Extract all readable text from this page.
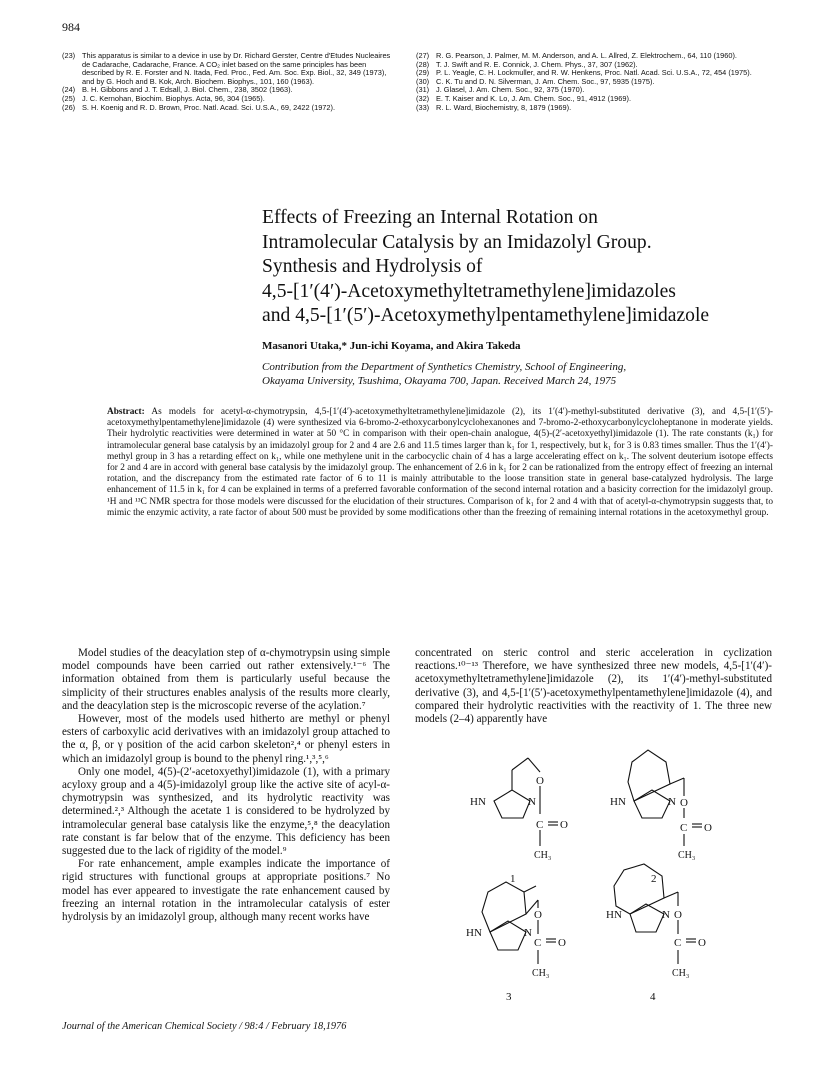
984
(23) This apparatus is similar to a device in use by Dr. Richard Gerster, Centre d'Etudes Nucleaires de Cadarache, Cadarache, France. A CO₂ inlet based on the same principles has been described by R. E. Forster and N. Itada, Fed. Proc., Fed. Am. Soc. Exp. Biol., 32, 349 (1973), and by G. Hoch and B. Kok, Arch. Biochem. Biophys., 101, 160 (1963).
(24) B. H. Gibbons and J. T. Edsall, J. Biol. Chem., 238, 3502 (1963).
(25) J. C. Kernohan, Biochim. Biophys. Acta, 96, 304 (1965).
(26) S. H. Koenig and R. D. Brown, Proc. Natl. Acad. Sci. U.S.A., 69, 2422 (1972).
(27) R. G. Pearson, J. Palmer, M. M. Anderson, and A. L. Allred, Z. Elektrochem., 64, 110 (1960).
(28) T. J. Swift and R. E. Connick, J. Chem. Phys., 37, 307 (1962).
(29) P. L. Yeagle, C. H. Lockmuller, and R. W. Henkens, Proc. Natl. Acad. Sci. U.S.A., 72, 454 (1975).
(30) C. K. Tu and D. N. Silverman, J. Am. Chem. Soc., 97, 5935 (1975).
(31) J. Glasel, J. Am. Chem. Soc., 92, 375 (1970).
(32) E. T. Kaiser and K. Lo, J. Am. Chem. Soc., 91, 4912 (1969).
(33) R. L. Ward, Biochemistry, 8, 1879 (1969).
Effects of Freezing an Internal Rotation on
Intramolecular Catalysis by an Imidazolyl Group.
Synthesis and Hydrolysis of
4,5-[1′(4′)-Acetoxymethyltetramethylene]imidazoles
and 4,5-[1′(5′)-Acetoxymethylpentamethylene]imidazole
Masanori Utaka,* Jun-ichi Koyama, and Akira Takeda
Contribution from the Department of Synthetics Chemistry, School of Engineering,
Okayama University, Tsushima, Okayama 700, Japan. Received March 24, 1975
Abstract: As models for acetyl-α-chymotrypsin, 4,5-[1′(4′)-acetoxymethyltetramethylene]imidazole (2), its 1′(4′)-methyl-substituted derivative (3), and 4,5-[1′(5′)-acetoxymethylpentamethylene]imidazole (4) were synthesized via 6-bromo-2-ethoxycarbonylcyclohexanones and 7-bromo-2-ethoxycarbonylcycloheptanone in moderate yields. Their hydrolytic reactivities were determined in water at 50 °C in comparison with their open-chain analogue, 4(5)-(2′-acetoxyethyl)imidazole (1). The rate constants (k₁) for intramolecular general base catalysis by an imidazolyl group for 2 and 4 are 2.6 and 11.5 times larger than k₁ for 1, respectively, but k₁ for 3 is 0.83 times smaller. Thus the 1′(4′)-methyl group in 3 has a retarding effect on k₁, while one methylene unit in the carbocyclic chain of 4 has a large accelerating effect on k₁. The solvent deuterium isotope effects for 2 and 4 are in accord with general base catalysis by the imidazolyl group. The enhancement of 2.6 in k₁ for 2 can be rationalized from the entropy effect of freezing an internal rotation, and the discrepancy from the estimated rate factor of 6 to 11 is mainly attributable to the loose transition state in general base-catalyzed hydrolysis. The large enhancement of 11.5 in k₁ for 4 can be explained in terms of a preferred favorable conformation of the second internal rotation and a basicity correction for the imidazolyl group. ¹H and ¹³C NMR spectra for those models were discussed for the elucidation of their structures. Comparison of k₁ for 2 and 4 with that of acetyl-α-chymotrypsin suggests that, to mimic the enzymic activity, a rate factor of about 500 must be provided by some modifications other than the freezing of remaining internal rotations in the acetoxymethyl group.

Model studies of the deacylation step of α-chymotrypsin using simple model compounds have been carried out rather extensively.¹⁻⁶ The information obtained from them is particularly useful because the simplicity of their structures enables analysis of the results more clearly, and the deacylation step is the microscopic reverse of the acylation.⁷

However, most of the models used hitherto are methyl or phenyl esters of carboxylic acid derivatives with an imidazolyl group attached to the α, β, or γ position of the acid carbon skeleton²,⁴ or phenyl esters in which an imidazolyl group is bound to the phenyl ring.¹,³,⁵,⁶

Only one model, 4(5)-(2′-acetoxyethyl)imidazole (1), with a primary acyloxy group and a 4(5)-imidazolyl group like the active site of acyl-α-chymotrypsin was synthesized, and its hydrolytic reactivity was determined.²,³ Although the acetate 1 is considered to be hydrolyzed by intramolecular general base catalysis like the enzyme,⁵,⁸ the deacylation rate constant is far below that of the enzyme. This deficiency has been suggested due to the lack of rigidity of the model.⁹

For rate enhancement, ample examples indicate the importance of rigid structures with functional groups at appropriate positions.⁷ No model has ever appeared to investigate the rate enhancement caused by freezing an internal rotation in the intramolecular catalysis of ester hydrolysis by an imidazolyl group, although many recent works have

concentrated on steric control and steric acceleration in cyclization reactions.¹⁰⁻¹³ Therefore, we have synthesized three new models, 4,5-[1′(4′)-acetoxymethyltetramethylene]imidazole (2), its 1′(4′)-methyl-substituted derivative (3), and 4,5-[1′(5′)-acetoxymethylpentamethylene]imidazole (4), and compared their hydrolytic reactivities with the reactivity of 1. The three new models (2–4) apparently have

HN	N
O
C O
CH₃
1
HN	N O
C O
CH₃
2
HN	N
O
C O
CH₃
3
HN	N O
C O
CH₃
4
Journal of the American Chemical Society / 98:4 / February 18,1976
